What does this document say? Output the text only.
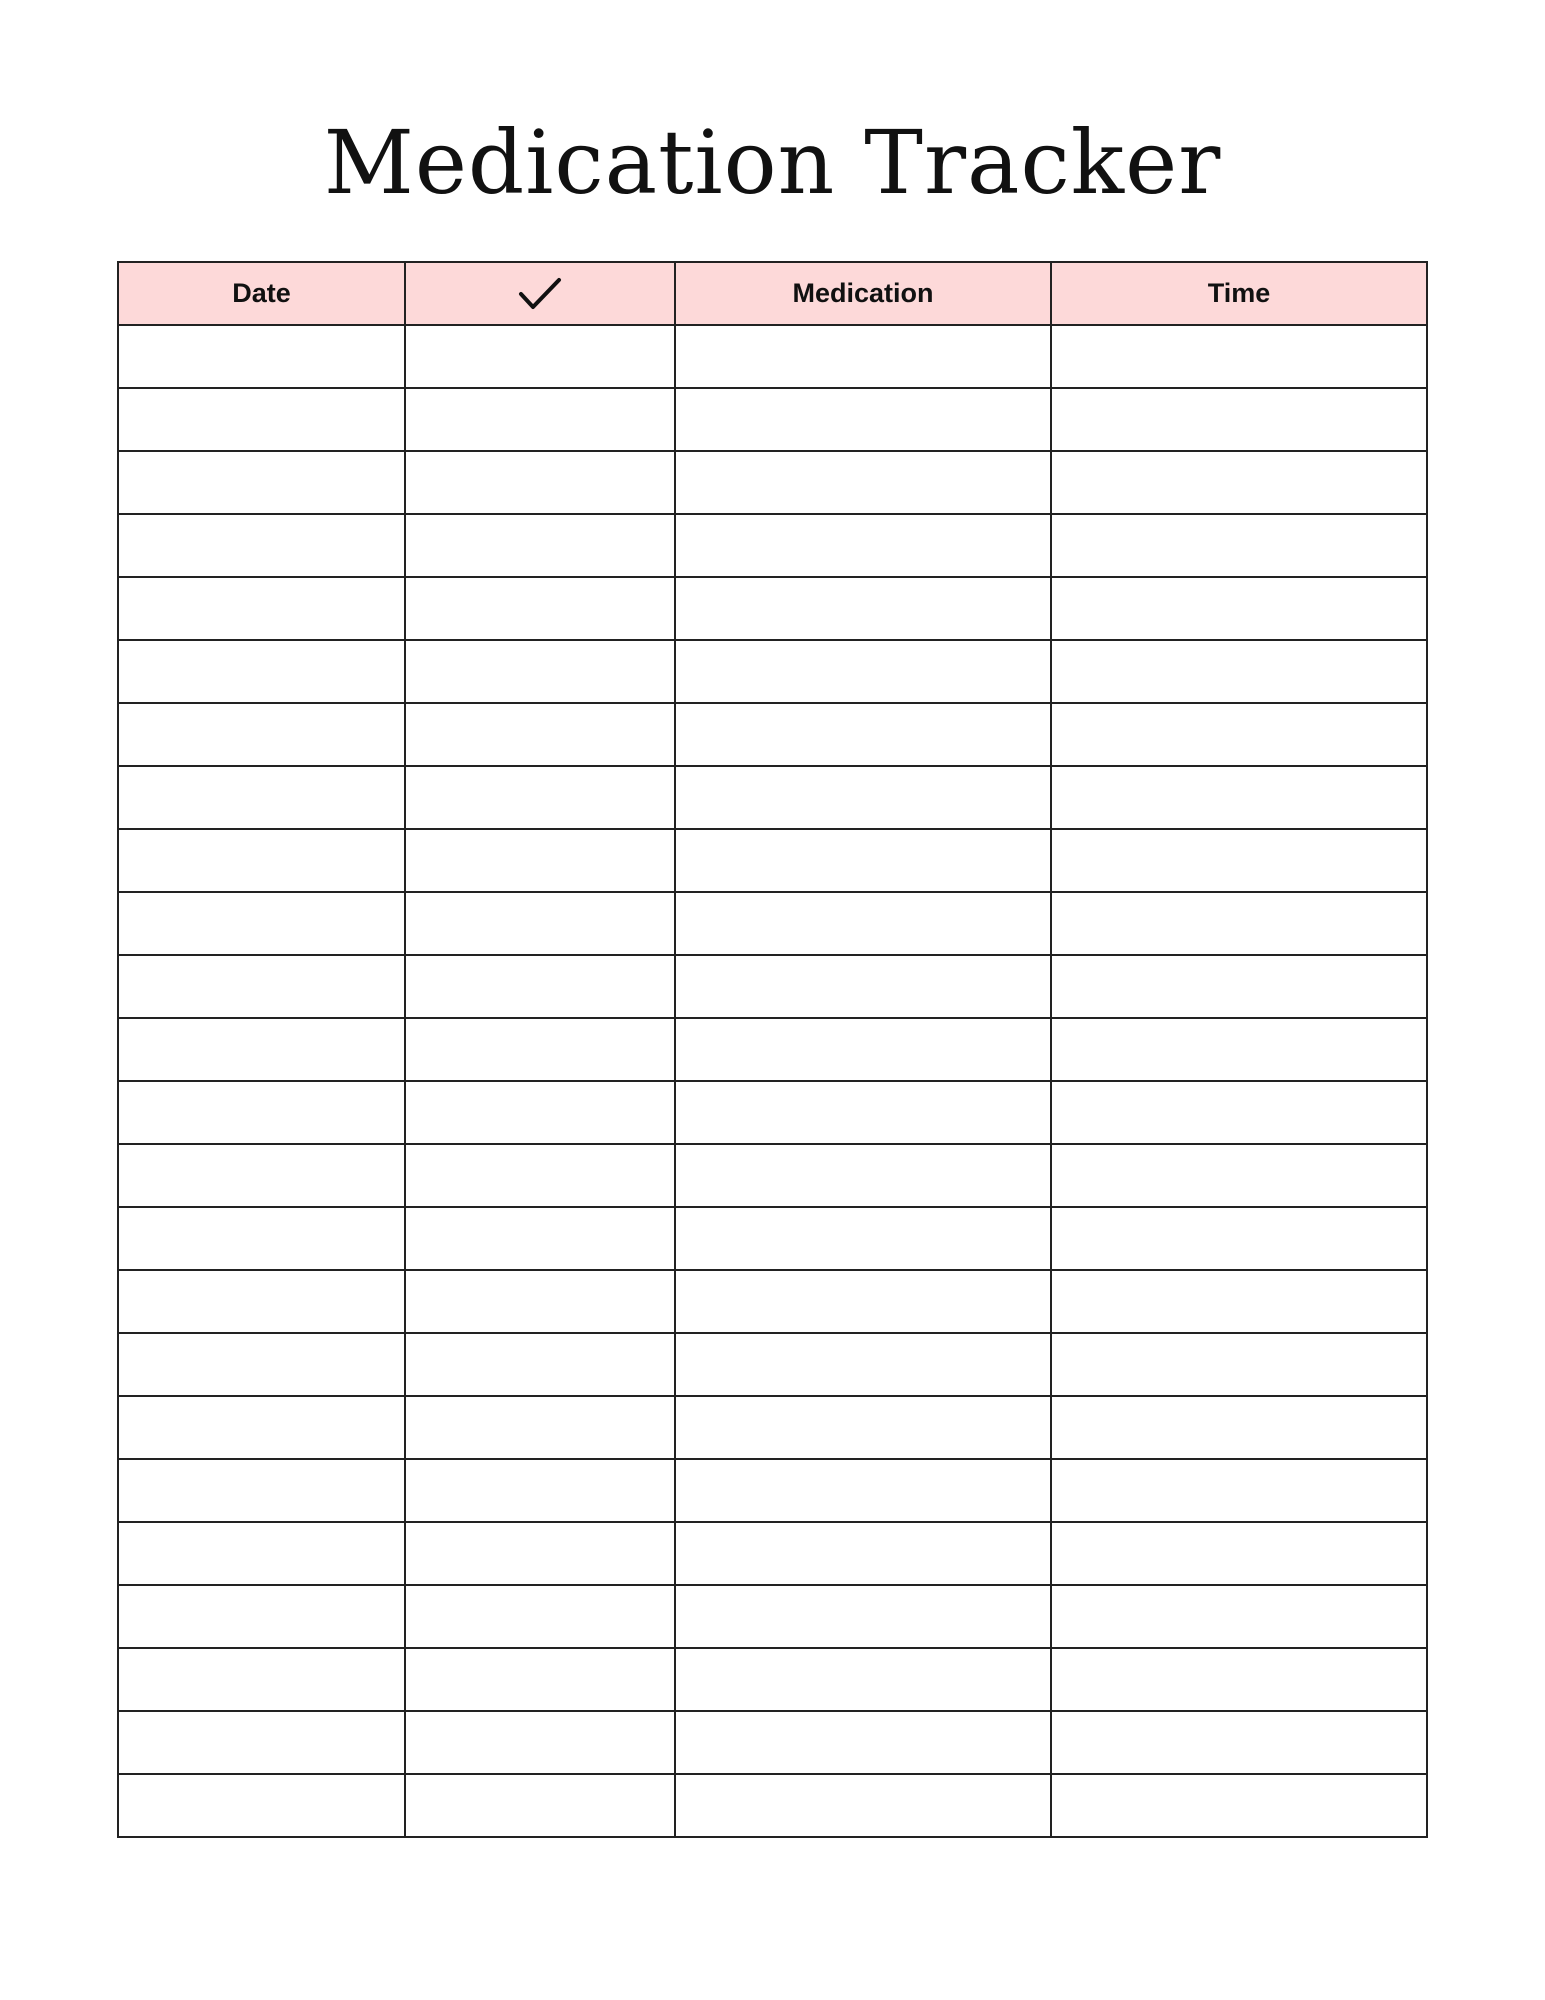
Medication Tracker
Date		Medication	Time
